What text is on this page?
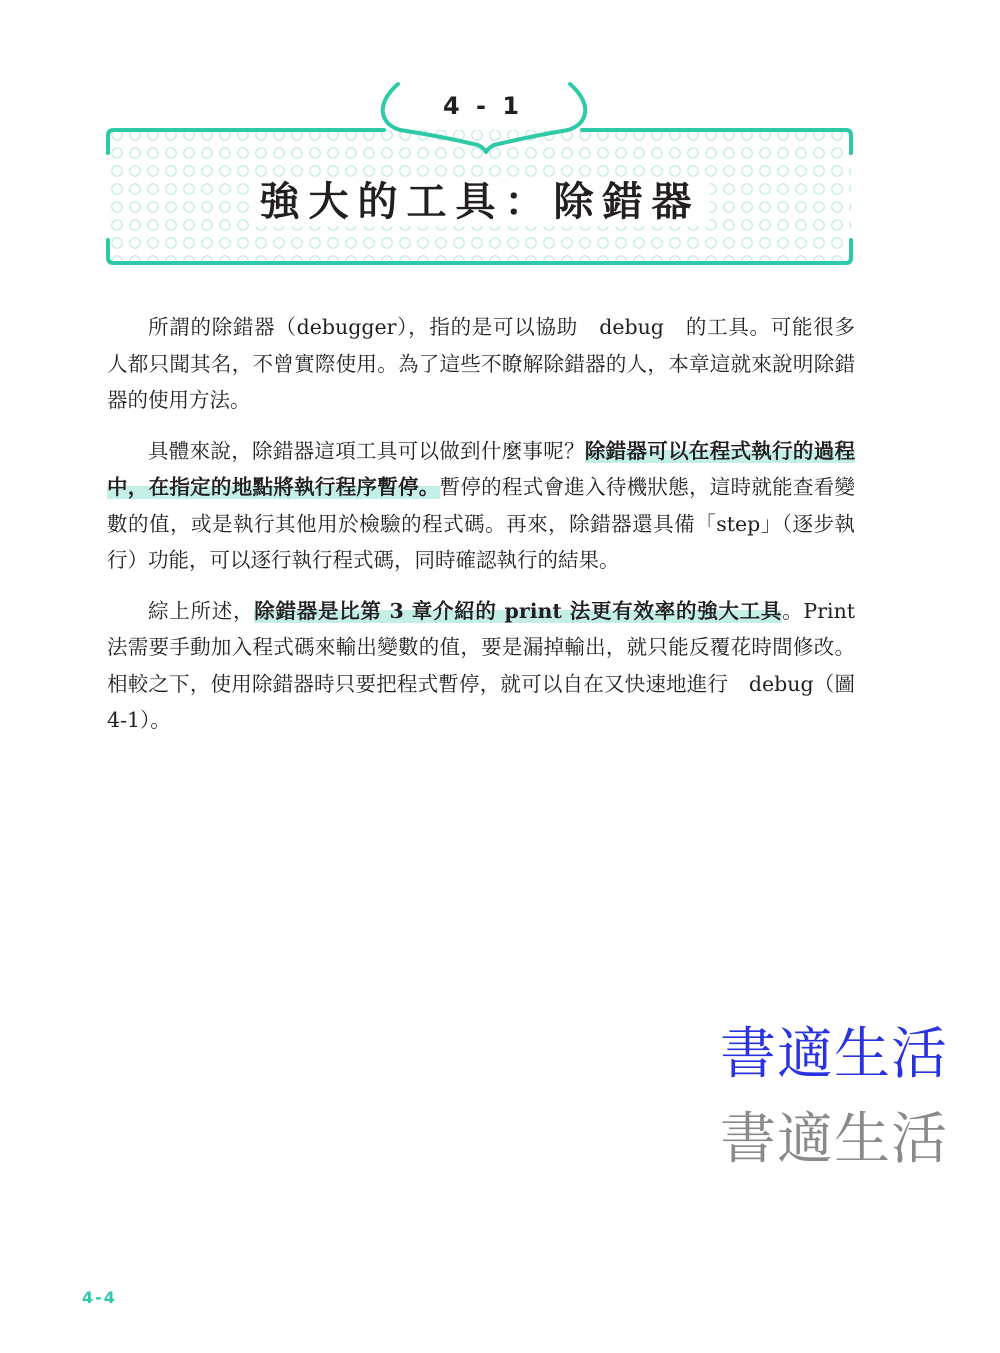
4 - 1
強大的工具：除錯器

所謂的除錯器（debugger），指的是可以協助　debug　的工具。可能很多人都只聞其名，不曾實際使用。為了這些不瞭解除錯器的人，本章這就來說明除錯器的使用方法。

具體來說，除錯器這項工具可以做到什麼事呢？除錯器可以在程式執行的過程中，在指定的地點將執行程序暫停。暫停的程式會進入待機狀態，這時就能查看變數的值，或是執行其他用於檢驗的程式碼。再來，除錯器還具備「step」（逐步執行）功能，可以逐行執行程式碼，同時確認執行的結果。

綜上所述，除錯器是比第 3 章介紹的 print 法更有效率的強大工具。Print　法需要手動加入程式碼來輸出變數的值，要是漏掉輸出，就只能反覆花時間修改。相較之下，使用除錯器時只要把程式暫停，就可以自在又快速地進行　debug（圖 4-1）。

書適生活
書適生活
4-4
